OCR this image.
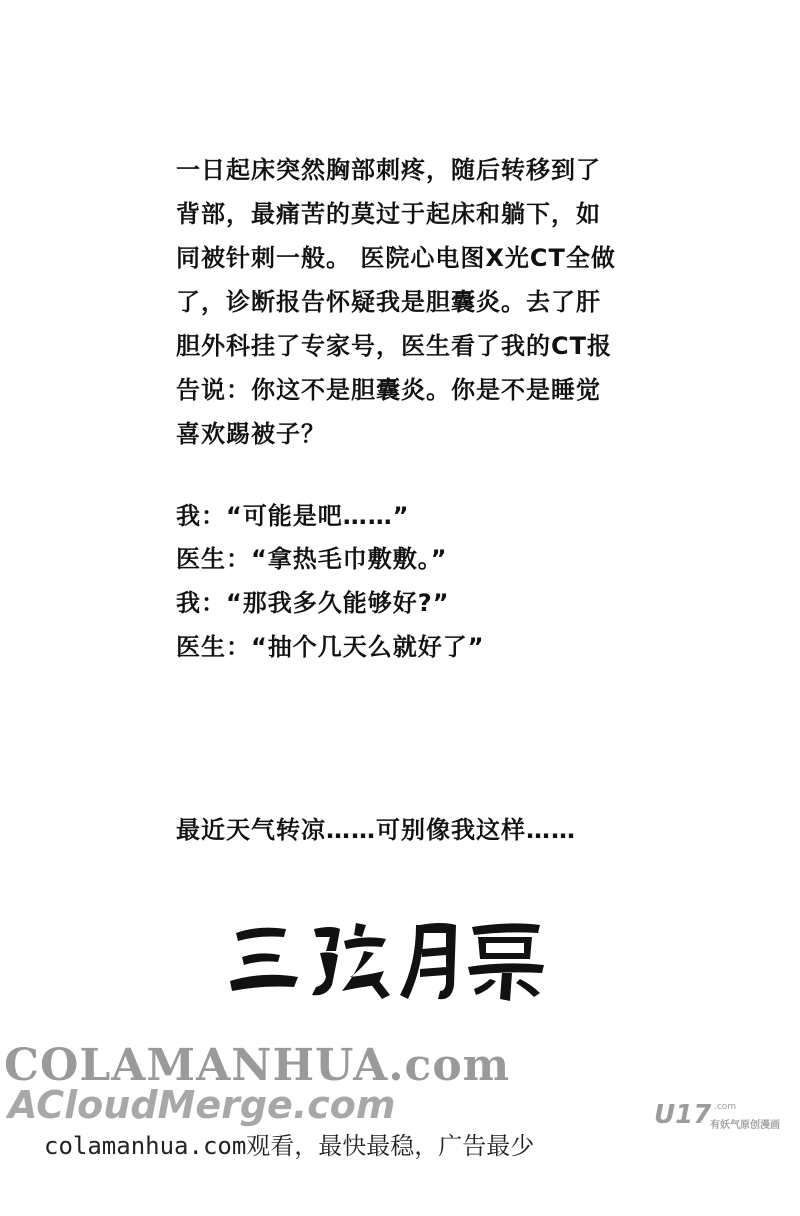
一日起床突然胸部刺疼，随后转移到了
背部，最痛苦的莫过于起床和躺下，如
同被针刺一般。 医院心电图X光CT全做
了，诊断报告怀疑我是胆囊炎。去了肝
胆外科挂了专家号，医生看了我的CT报
告说：你这不是胆囊炎。你是不是睡觉
喜欢踢被子？
我：“可能是吧……”
医生：“拿热毛巾敷敷。”
我：“那我多久能够好?”
医生：“抽个几天么就好了”
最近天气转凉……可别像我这样……
COLAMANHUA.com
ACloudMerge.com
colamanhua.com观看，最快最稳，广告最少
U17 .com
有妖气原创漫画
